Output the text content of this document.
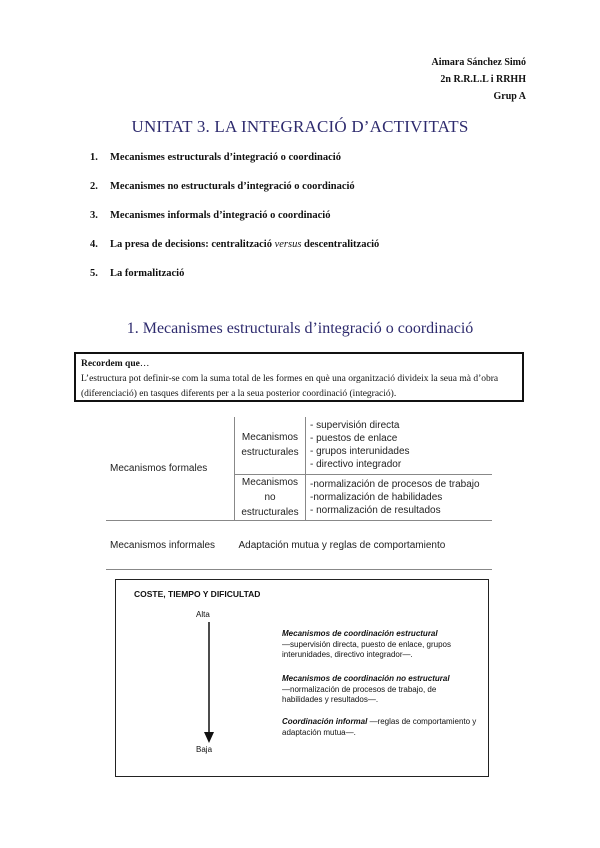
Aimara Sánchez Simó
2n R.R.L.L i RRHH
Grup A
UNITAT 3. LA INTEGRACIÓ D’ACTIVITATS
1.	Mecanismes estructurals d’integració o coordinació
2.	Mecanismes no estructurals d’integració o coordinació
3.	Mecanismes informals d’integració o coordinació
4.	La presa de decisions: centralització versus descentralització
5.	La formalització
1. Mecanismes estructurals d’integració o coordinació
Recordem que…
L’estructura pot definir-se com la suma total de les formes en què una organització divideix la seua mà d’obra (diferenciació) en tasques diferents per a la seua posterior coordinació (integració).
Mecanismos formales	Mecanismos estructurales	- supervisión directa
- puestos de enlace
- grupos interunidades
- directivo integrador

	Mecanismos no estructurales	-normalización de procesos de trabajo
-normalización de habilidades
- normalización de resultados

Mecanismos informales	Adaptación mutua y reglas de comportamiento	
COSTE, TIEMPO Y DIFICULTAD
Alta
Baja
Mecanismos de coordinación estructural
—supervisión directa, puesto de enlace, grupos interunidades, directivo integrador—.
Mecanismos de coordinación no estructural
—normalización de procesos de trabajo, de habilidades y resultados—.
Coordinación informal —reglas de comportamiento y adaptación mutua—.
